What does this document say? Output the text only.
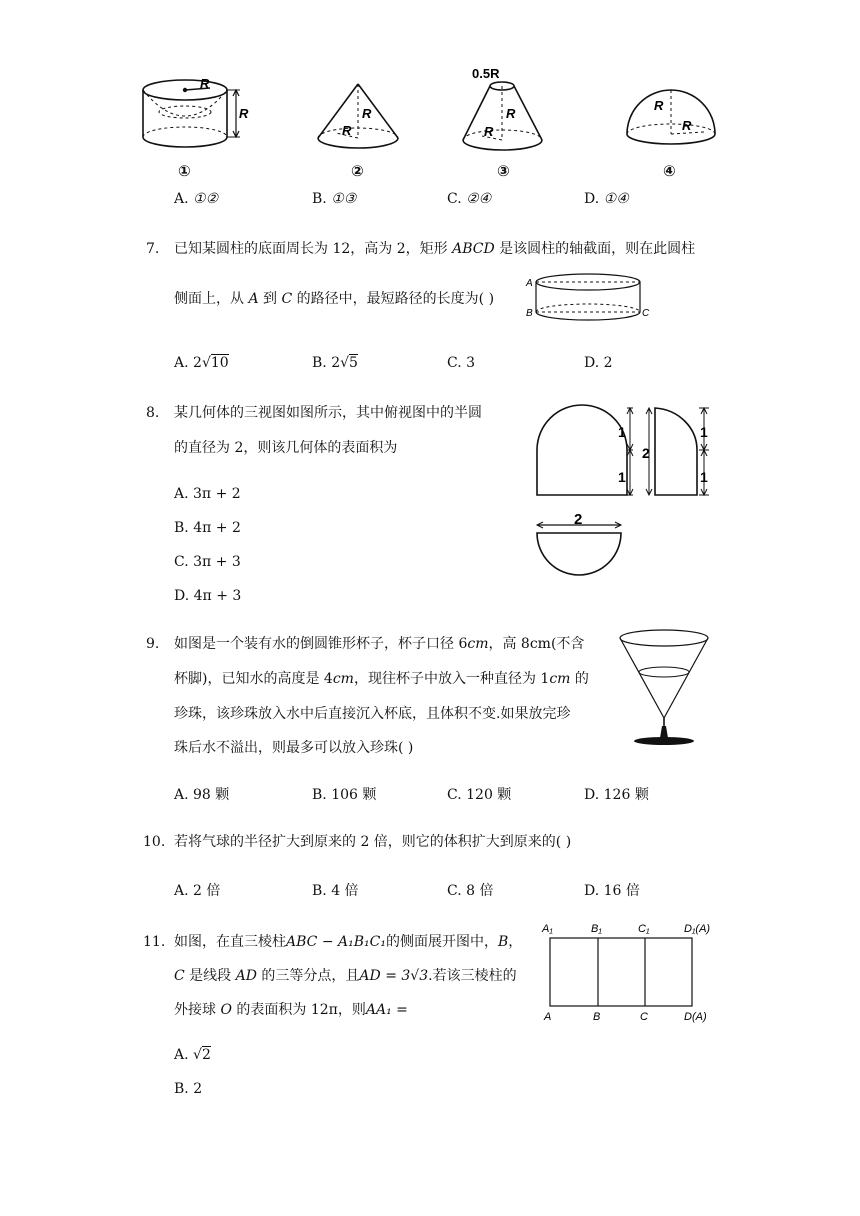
R
R	R
R
0.5R
R
R
R
R
①	②	③	④
A. ①②	B. ①③	C. ②④	D. ①④
7. 已知某圆柱的底面周长为 12，高为 2，矩形 ABCD 是该圆柱的轴截面，则在此圆柱
侧面上，从 A 到 C 的路径中，最短路径的长度为( )
A
B	C
A. 2√10	B. 2√5	C. 3	D. 2
8. 某几何体的三视图如图所示，其中俯视图中的半圆
的直径为 2，则该几何体的表面积为
1
1
2
1
1
2
A. 3π + 2
B. 4π + 2
C. 3π + 3
D. 4π + 3
9. 如图是一个装有水的倒圆锥形杯子，杯子口径 6cm，高 8cm(不含
杯脚)，已知水的高度是 4cm，现往杯子中放入一种直径为 1cm 的
珍珠，该珍珠放入水中后直接沉入杯底，且体积不变.如果放完珍
珠后水不溢出，则最多可以放入珍珠( )
A. 98 颗	B. 106 颗	C. 120 颗	D. 126 颗
10. 若将气球的半径扩大到原来的 2 倍，则它的体积扩大到原来的( )
A. 2 倍	B. 4 倍	C. 8 倍	D. 16 倍
11. 如图，在直三棱柱ABC − A₁B₁C₁的侧面展开图中，B，
C 是线段 AD 的三等分点，且AD = 3√3.若该三棱柱的
外接球 O 的表面积为 12π，则AA₁ =
A₁	B₁	C₁	D₁(A)
A	B	C	D(A)
A. √2
B. 2
